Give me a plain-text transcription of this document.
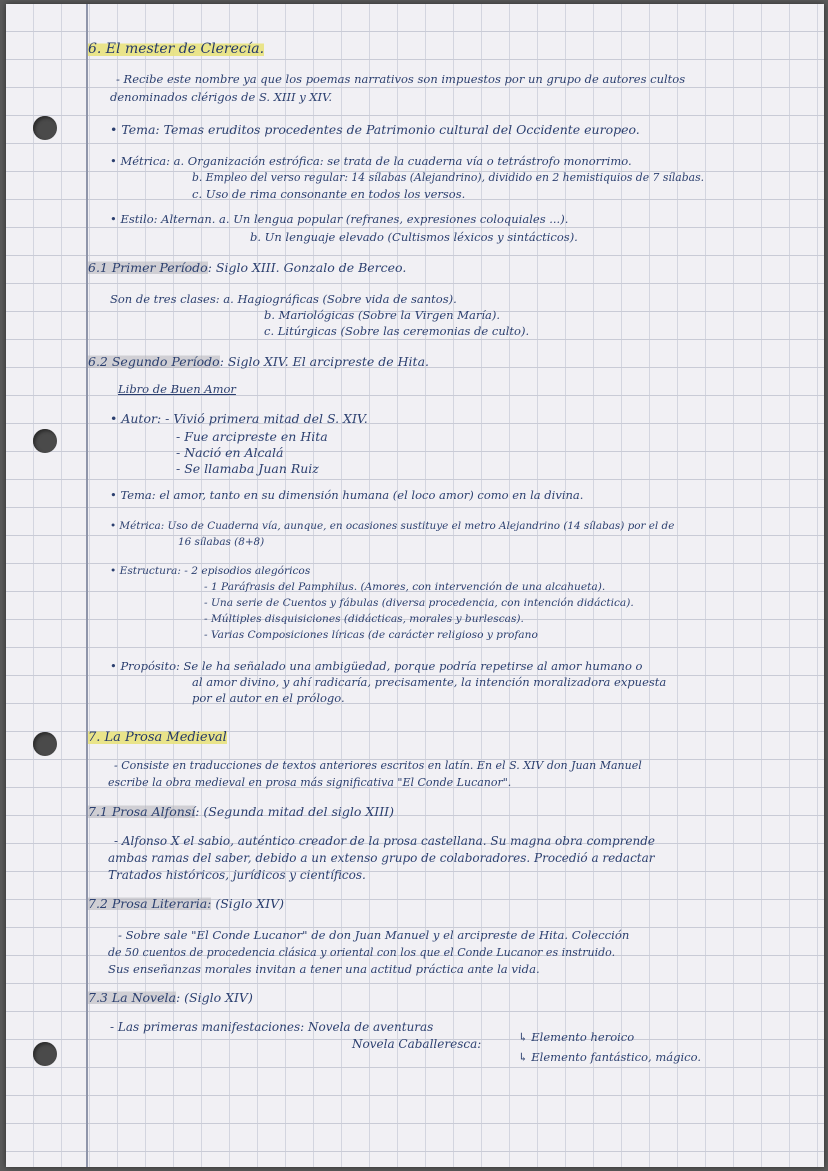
6. El mester de Clerecía.
- Recibe este nombre ya que los poemas narrativos son impuestos por un grupo de autores cultos
denominados clérigos de S. XIII y XIV.
• Tema: Temas eruditos procedentes de Patrimonio cultural del Occidente europeo.
• Métrica: a. Organización estrófica: se trata de la cuaderna vía o tetrástrofo monorrimo.
b. Empleo del verso regular: 14 sílabas (Alejandrino), dividido en 2 hemistiquios de 7 sílabas.
c. Uso de rima consonante en todos los versos.
• Estilo: Alternan. a. Un lengua popular (refranes, expresiones coloquiales ...).
b. Un lenguaje elevado (Cultismos léxicos y sintácticos).
6.1 Primer Período: Siglo XIII. Gonzalo de Berceo.
Son de tres clases: a. Hagiográficas (Sobre vida de santos).
b. Mariológicas (Sobre la Virgen María).
c. Litúrgicas (Sobre las ceremonias de culto).
6.2 Segundo Período: Siglo XIV. El arcipreste de Hita.
Libro de Buen Amor
• Autor: - Vivió primera mitad del S. XIV.
- Fue arcipreste en Hita
- Nació en Alcalá
- Se llamaba Juan Ruiz
• Tema: el amor, tanto en su dimensión humana (el loco amor) como en la divina.
• Métrica: Uso de Cuaderna vía, aunque, en ocasiones sustituye el metro Alejandrino (14 sílabas) por el de
16 sílabas (8+8)
• Estructura: - 2 episodios alegóricos
- 1 Paráfrasis del Pamphilus. (Amores, con intervención de una alcahueta).
- Una serie de Cuentos y fábulas (diversa procedencia, con intención didáctica).
- Múltiples disquisiciones (didácticas, morales y burlescas).
- Varias Composiciones líricas (de carácter religioso y profano
• Propósito: Se le ha señalado una ambigüedad, porque podría repetirse al amor humano o
al amor divino, y ahí radicaría, precisamente, la intención moralizadora expuesta
por el autor en el prólogo.
7. La Prosa Medieval
- Consiste en traducciones de textos anteriores escritos en latín. En el S. XIV don Juan Manuel
escribe la obra medieval en prosa más significativa "El Conde Lucanor".
7.1 Prosa Alfonsí: (Segunda mitad del siglo XIII)
- Alfonso X el sabio, auténtico creador de la prosa castellana. Su magna obra comprende
ambas ramas del saber, debido a un extenso grupo de colaboradores. Procedió a redactar
Tratados históricos, jurídicos y científicos.
7.2 Prosa Literaria: (Siglo XIV)
- Sobre sale "El Conde Lucanor" de don Juan Manuel y el arcipreste de Hita. Colección
de 50 cuentos de procedencia clásica y oriental con los que el Conde Lucanor es instruido.
Sus enseñanzas morales invitan a tener una actitud práctica ante la vida.
7.3 La Novela: (Siglo XIV)
- Las primeras manifestaciones: Novela de aventuras
Novela Caballeresca:	↳ Elemento heroico
↳ Elemento fantástico, mágico.
